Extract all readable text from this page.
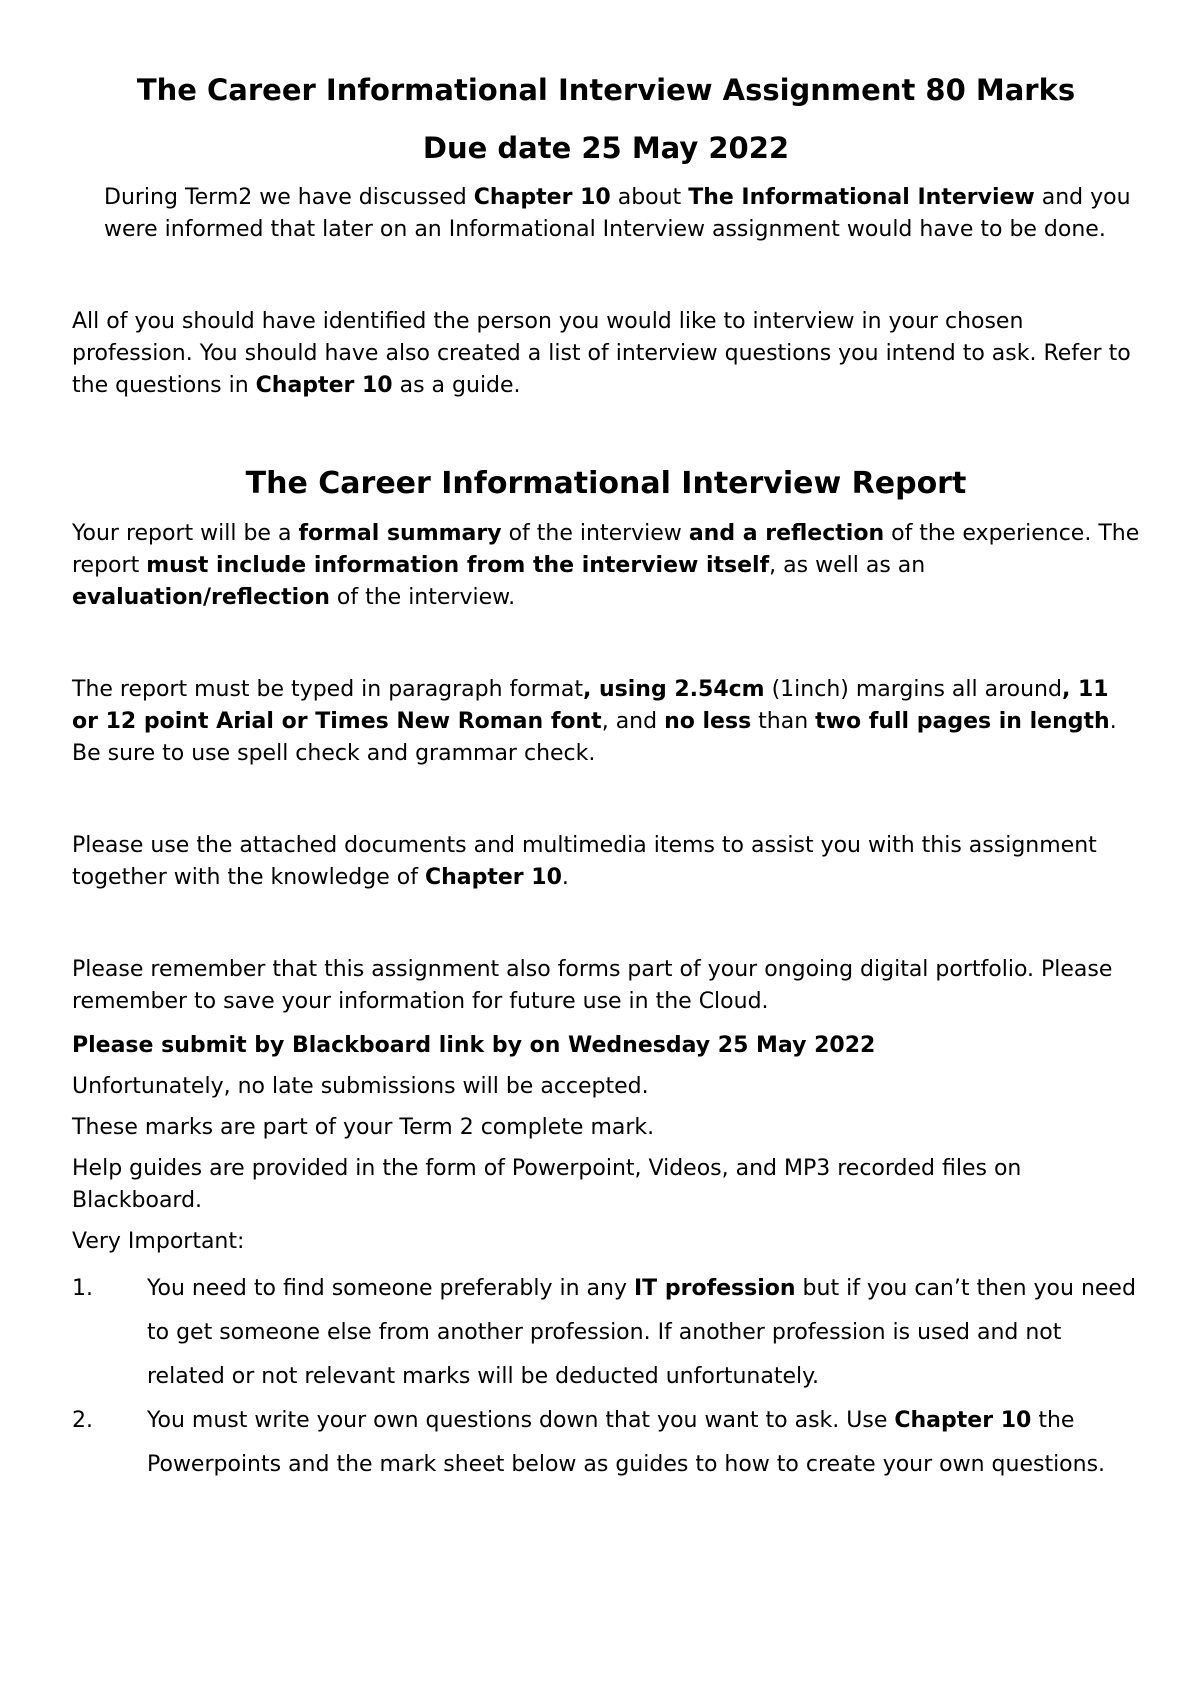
The Career Informational Interview Assignment 80 Marks
Due date 25 May 2022

During Term2 we have discussed Chapter 10 about The Informational Interview and you were informed that later on an Informational Interview assignment would have to be done.

All of you should have identified the person you would like to interview in your chosen profession. You should have also created a list of interview questions you intend to ask. Refer to the questions in Chapter 10 as a guide.

The Career Informational Interview Report

Your report will be a formal summary of the interview and a reflection of the experience. The report must include information from the interview itself, as well as an evaluation/reflection of the interview.

The report must be typed in paragraph format, using 2.54cm (1inch) margins all around, 11 or 12 point Arial or Times New Roman font, and no less than two full pages in length. Be sure to use spell check and grammar check.

Please use the attached documents and multimedia items to assist you with this assignment together with the knowledge of Chapter 10.

Please remember that this assignment also forms part of your ongoing digital portfolio. Please remember to save your information for future use in the Cloud.

Please submit by Blackboard link by on Wednesday 25 May 2022

Unfortunately, no late submissions will be accepted.

These marks are part of your Term 2 complete mark.

Help guides are provided in the form of Powerpoint, Videos, and MP3 recorded files on Blackboard.

Very Important:

1. You need to find someone preferably in any IT profession but if you can’t then you need to get someone else from another profession. If another profession is used and not related or not relevant marks will be deducted unfortunately.
2. You must write your own questions down that you want to ask. Use Chapter 10 the Powerpoints and the mark sheet below as guides to how to create your own questions.
